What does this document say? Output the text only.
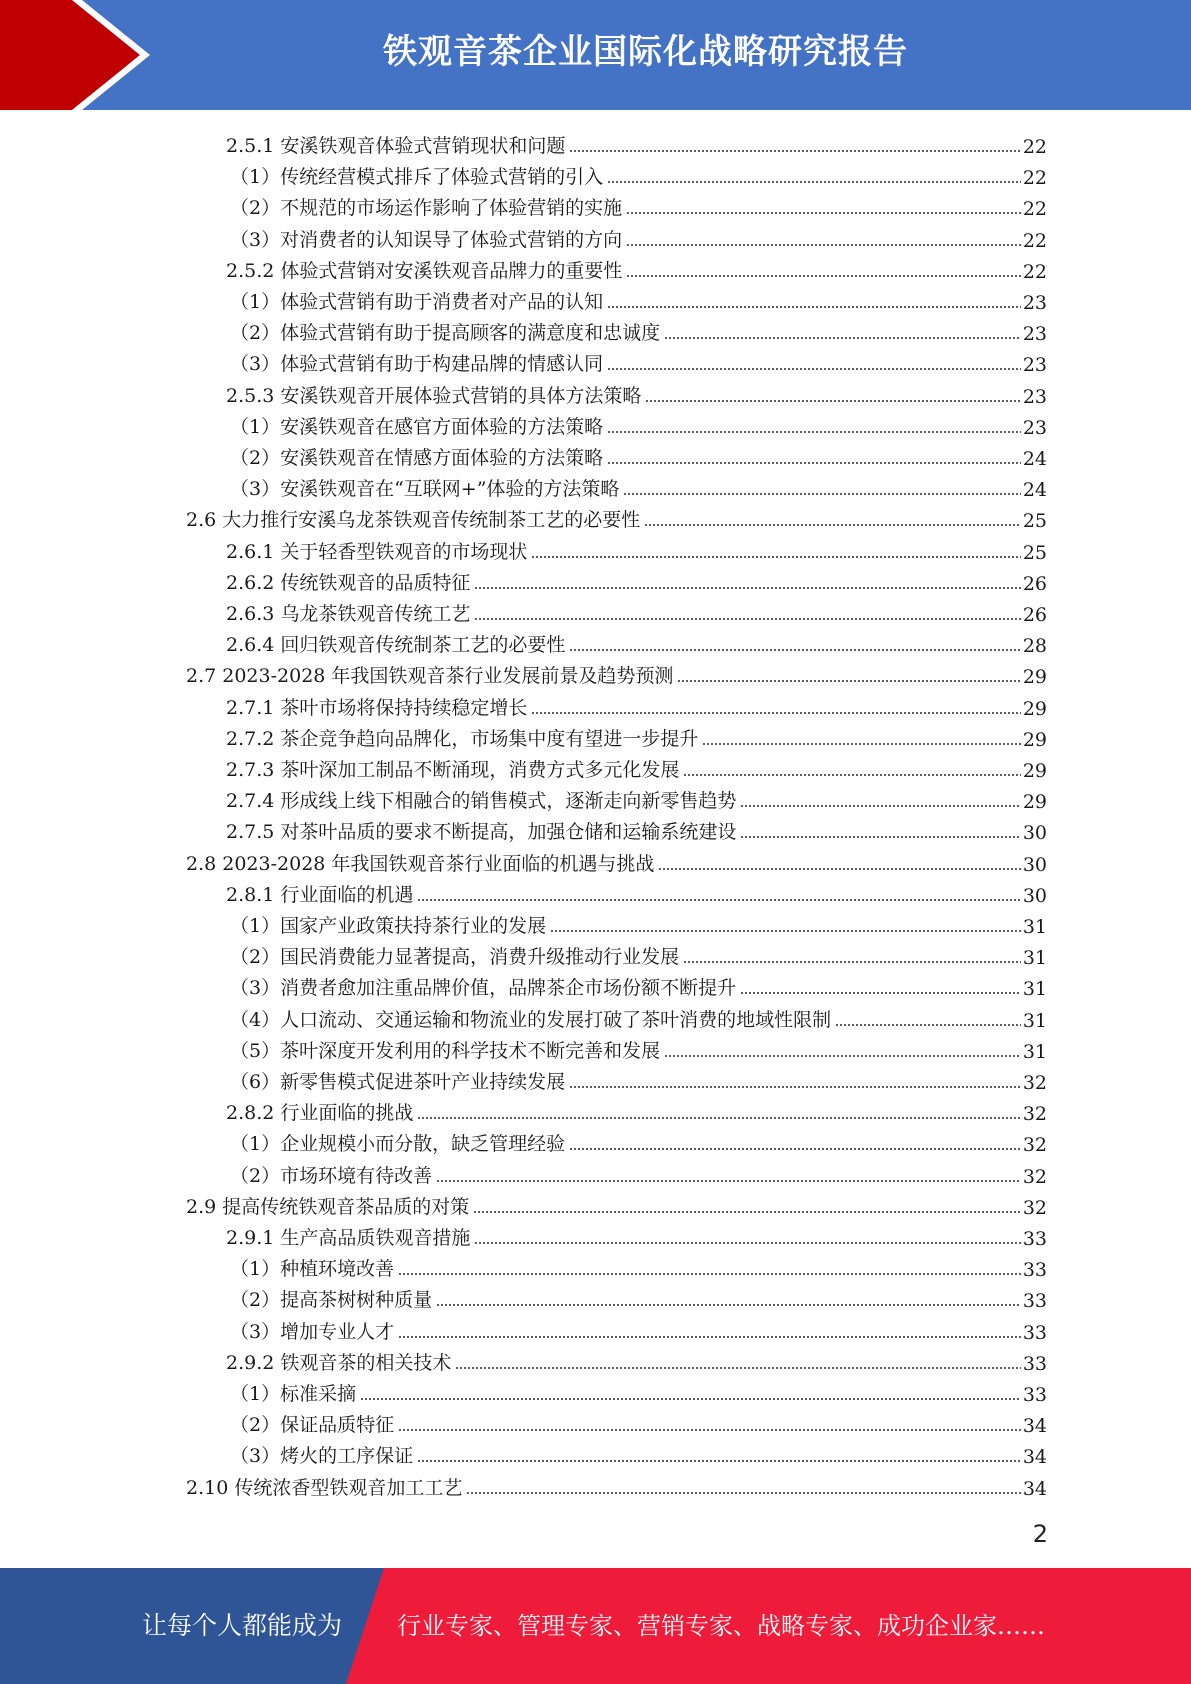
铁观音茶企业国际化战略研究报告
2.5.1 安溪铁观音体验式营销现状和问题	22
（1）传统经营模式排斥了体验式营销的引入	22
（2）不规范的市场运作影响了体验营销的实施	22
（3）对消费者的认知误导了体验式营销的方向	22
2.5.2 体验式营销对安溪铁观音品牌力的重要性	22
（1）体验式营销有助于消费者对产品的认知	23
（2）体验式营销有助于提高顾客的满意度和忠诚度	23
（3）体验式营销有助于构建品牌的情感认同	23
2.5.3 安溪铁观音开展体验式营销的具体方法策略	23
（1）安溪铁观音在感官方面体验的方法策略	23
（2）安溪铁观音在情感方面体验的方法策略	24
（3）安溪铁观音在“互联网+”体验的方法策略	24
2.6 大力推行安溪乌龙茶铁观音传统制茶工艺的必要性	25
2.6.1 关于轻香型铁观音的市场现状	25
2.6.2 传统铁观音的品质特征	26
2.6.3 乌龙茶铁观音传统工艺	26
2.6.4 回归铁观音传统制茶工艺的必要性	28
2.7 2023-2028 年我国铁观音茶行业发展前景及趋势预测	29
2.7.1 茶叶市场将保持持续稳定增长	29
2.7.2 茶企竞争趋向品牌化，市场集中度有望进一步提升	29
2.7.3 茶叶深加工制品不断涌现，消费方式多元化发展	29
2.7.4 形成线上线下相融合的销售模式，逐渐走向新零售趋势	29
2.7.5 对茶叶品质的要求不断提高，加强仓储和运输系统建设	30
2.8 2023-2028 年我国铁观音茶行业面临的机遇与挑战	30
2.8.1 行业面临的机遇	30
（1）国家产业政策扶持茶行业的发展	31
（2）国民消费能力显著提高，消费升级推动行业发展	31
（3）消费者愈加注重品牌价值，品牌茶企市场份额不断提升	31
（4）人口流动、交通运输和物流业的发展打破了茶叶消费的地域性限制	31
（5）茶叶深度开发利用的科学技术不断完善和发展	31
（6）新零售模式促进茶叶产业持续发展	32
2.8.2 行业面临的挑战	32
（1）企业规模小而分散，缺乏管理经验	32
（2）市场环境有待改善	32
2.9 提高传统铁观音茶品质的对策	32
2.9.1 生产高品质铁观音措施	33
（1）种植环境改善	33
（2）提高茶树树种质量	33
（3）增加专业人才	33
2.9.2 铁观音茶的相关技术	33
（1）标准采摘	33
（2）保证品质特征	34
（3）烤火的工序保证	34
2.10 传统浓香型铁观音加工工艺	34
2
让每个人都能成为 行业专家、管理专家、营销专家、战略专家、成功企业家……
